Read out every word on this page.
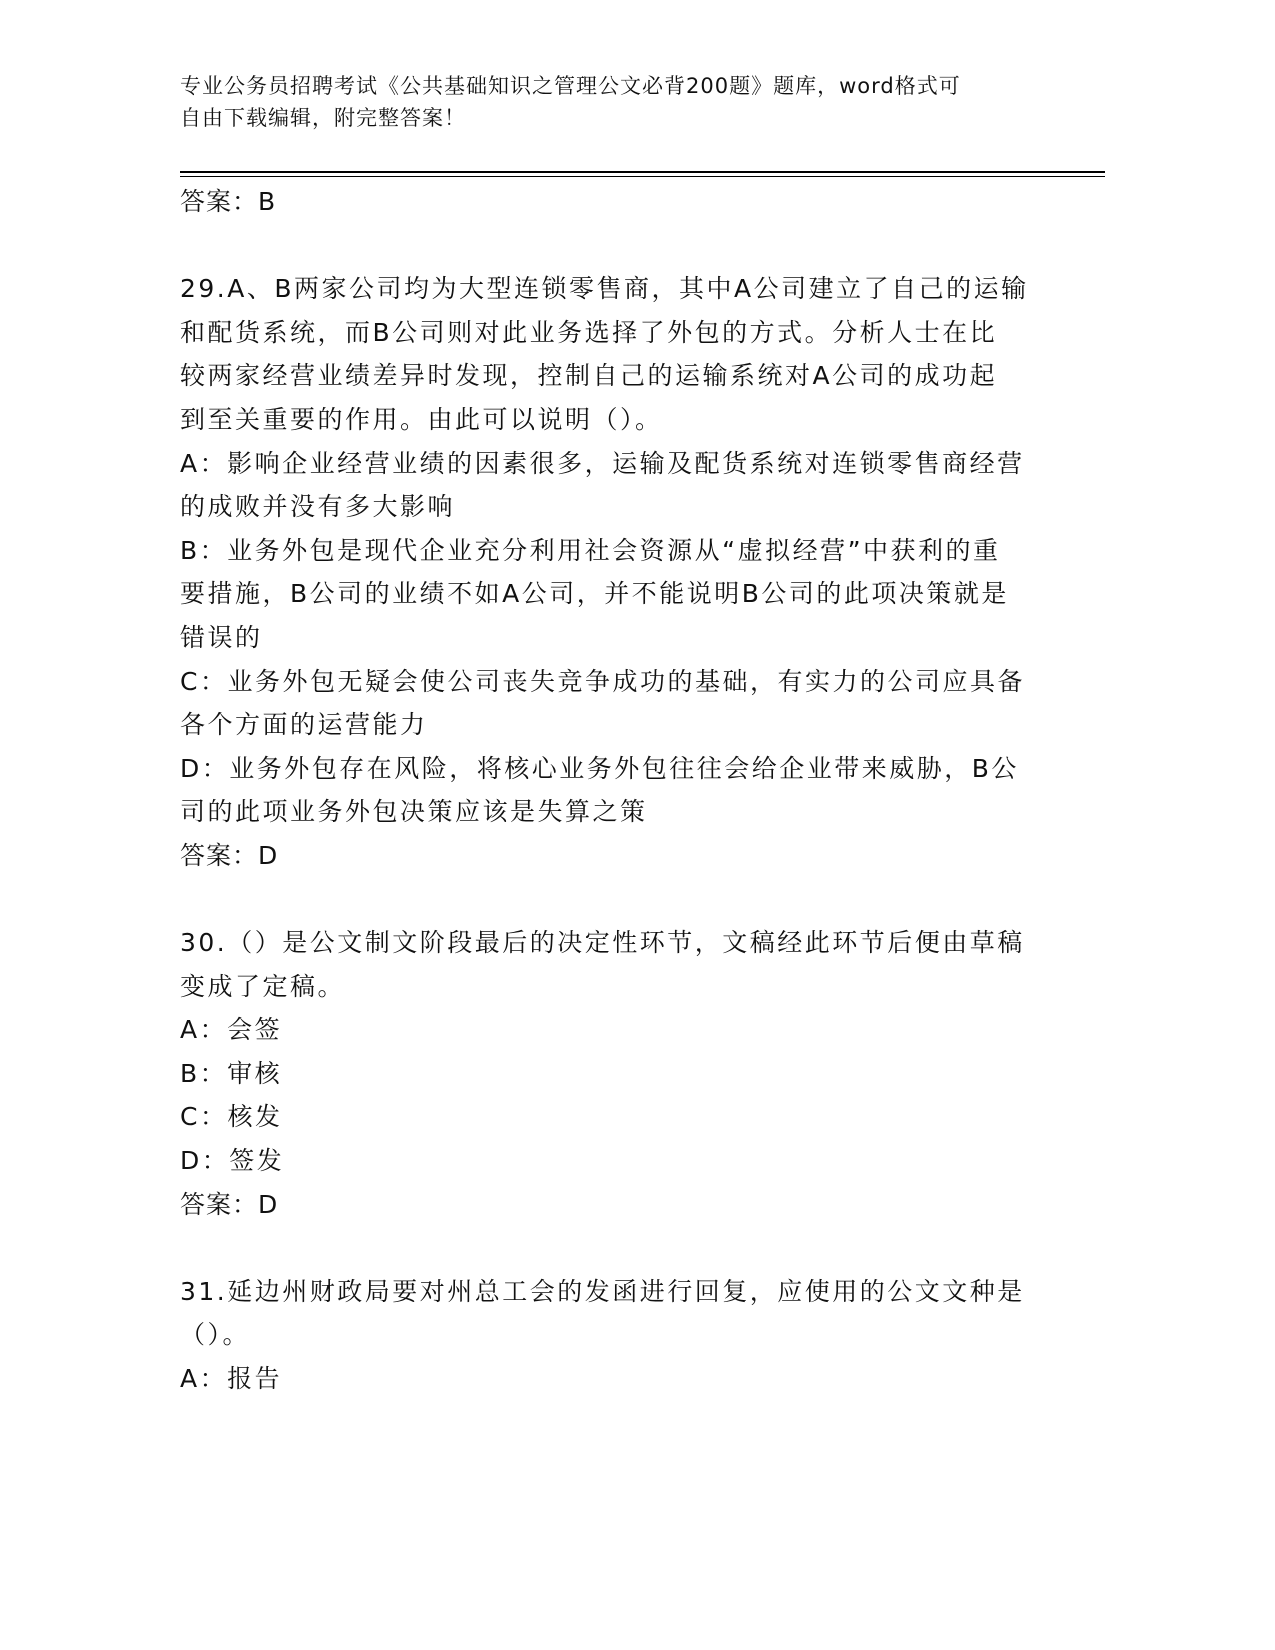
专业公务员招聘考试《公共基础知识之管理公文必背200题》题库，word格式可
自由下载编辑，附完整答案！
答案：B
29.A、B两家公司均为大型连锁零售商，其中A公司建立了自己的运输
和配货系统，而B公司则对此业务选择了外包的方式。分析人士在比
较两家经营业绩差异时发现，控制自己的运输系统对A公司的成功起
到至关重要的作用。由此可以说明（）。
A：影响企业经营业绩的因素很多，运输及配货系统对连锁零售商经营
的成败并没有多大影响
B：业务外包是现代企业充分利用社会资源从“虚拟经营”中获利的重
要措施，B公司的业绩不如A公司，并不能说明B公司的此项决策就是
错误的
C：业务外包无疑会使公司丧失竞争成功的基础，有实力的公司应具备
各个方面的运营能力
D：业务外包存在风险，将核心业务外包往往会给企业带来威胁，B公
司的此项业务外包决策应该是失算之策
答案：D
30.（）是公文制文阶段最后的决定性环节，文稿经此环节后便由草稿
变成了定稿。
A：会签
B：审核
C：核发
D：签发
答案：D
31.延边州财政局要对州总工会的发函进行回复，应使用的公文文种是
（）。
A：报告
